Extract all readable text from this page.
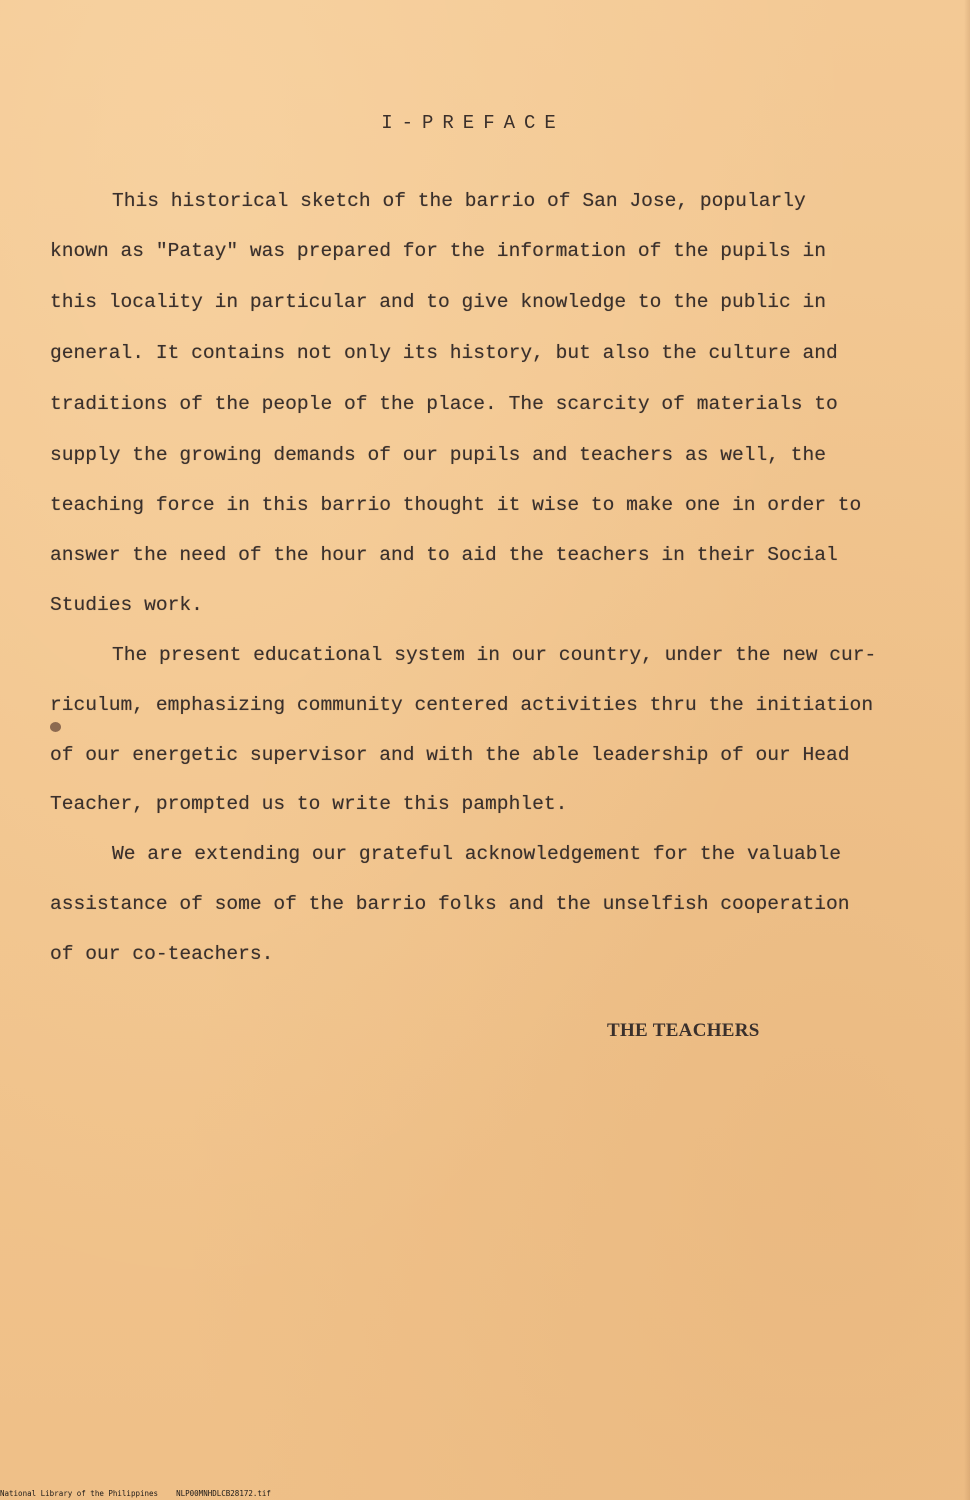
I-PREFACE

This historical sketch of the barrio of San Jose, popularly

known as "Patay" was prepared for the information of the pupils in

this locality in particular and to give knowledge to the public in

general. It contains not only its history, but also the culture and

traditions of the people of the place. The scarcity of materials to

supply the growing demands of our pupils and teachers as well, the

teaching force in this barrio thought it wise to make one in order to

answer the need of the hour and to aid the teachers in their Social

Studies work.

The present educational system in our country, under the new cur-

riculum, emphasizing community centered activities thru the initiation

of our energetic supervisor and with the able leadership of our Head

Teacher, prompted us to write this pamphlet.

We are extending our grateful acknowledgement for the valuable

assistance of some of the barrio folks and the unselfish cooperation

of our co-teachers.

THE TEACHERS

National Library of the Philippines NLP00MNHDLCB28172.tif
